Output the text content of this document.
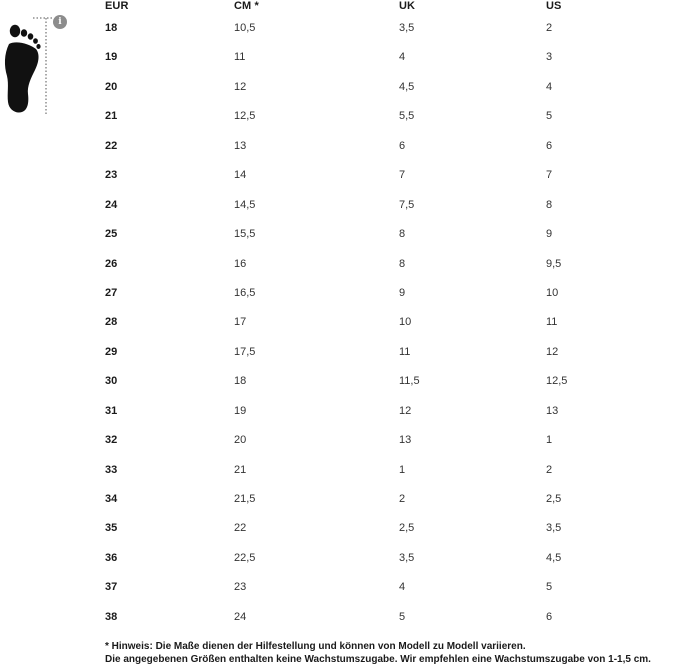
i
EUR	CM *	UK	US
18	10,5	3,5	2
19	11	4	3
20	12	4,5	4
21	12,5	5,5	5
22	13	6	6
23	14	7	7
24	14,5	7,5	8
25	15,5	8	9
26	16	8	9,5
27	16,5	9	10
28	17	10	11
29	17,5	11	12
30	18	11,5	12,5
31	19	12	13
32	20	13	1
33	21	1	2
34	21,5	2	2,5
35	22	2,5	3,5
36	22,5	3,5	4,5
37	23	4	5
38	24	5	6
* Hinweis: Die Maße dienen der Hilfestellung und können von Modell zu Modell variieren.
Die angegebenen Größen enthalten keine Wachstumszugabe. Wir empfehlen eine Wachstumszugabe von 1-1,5 cm.
